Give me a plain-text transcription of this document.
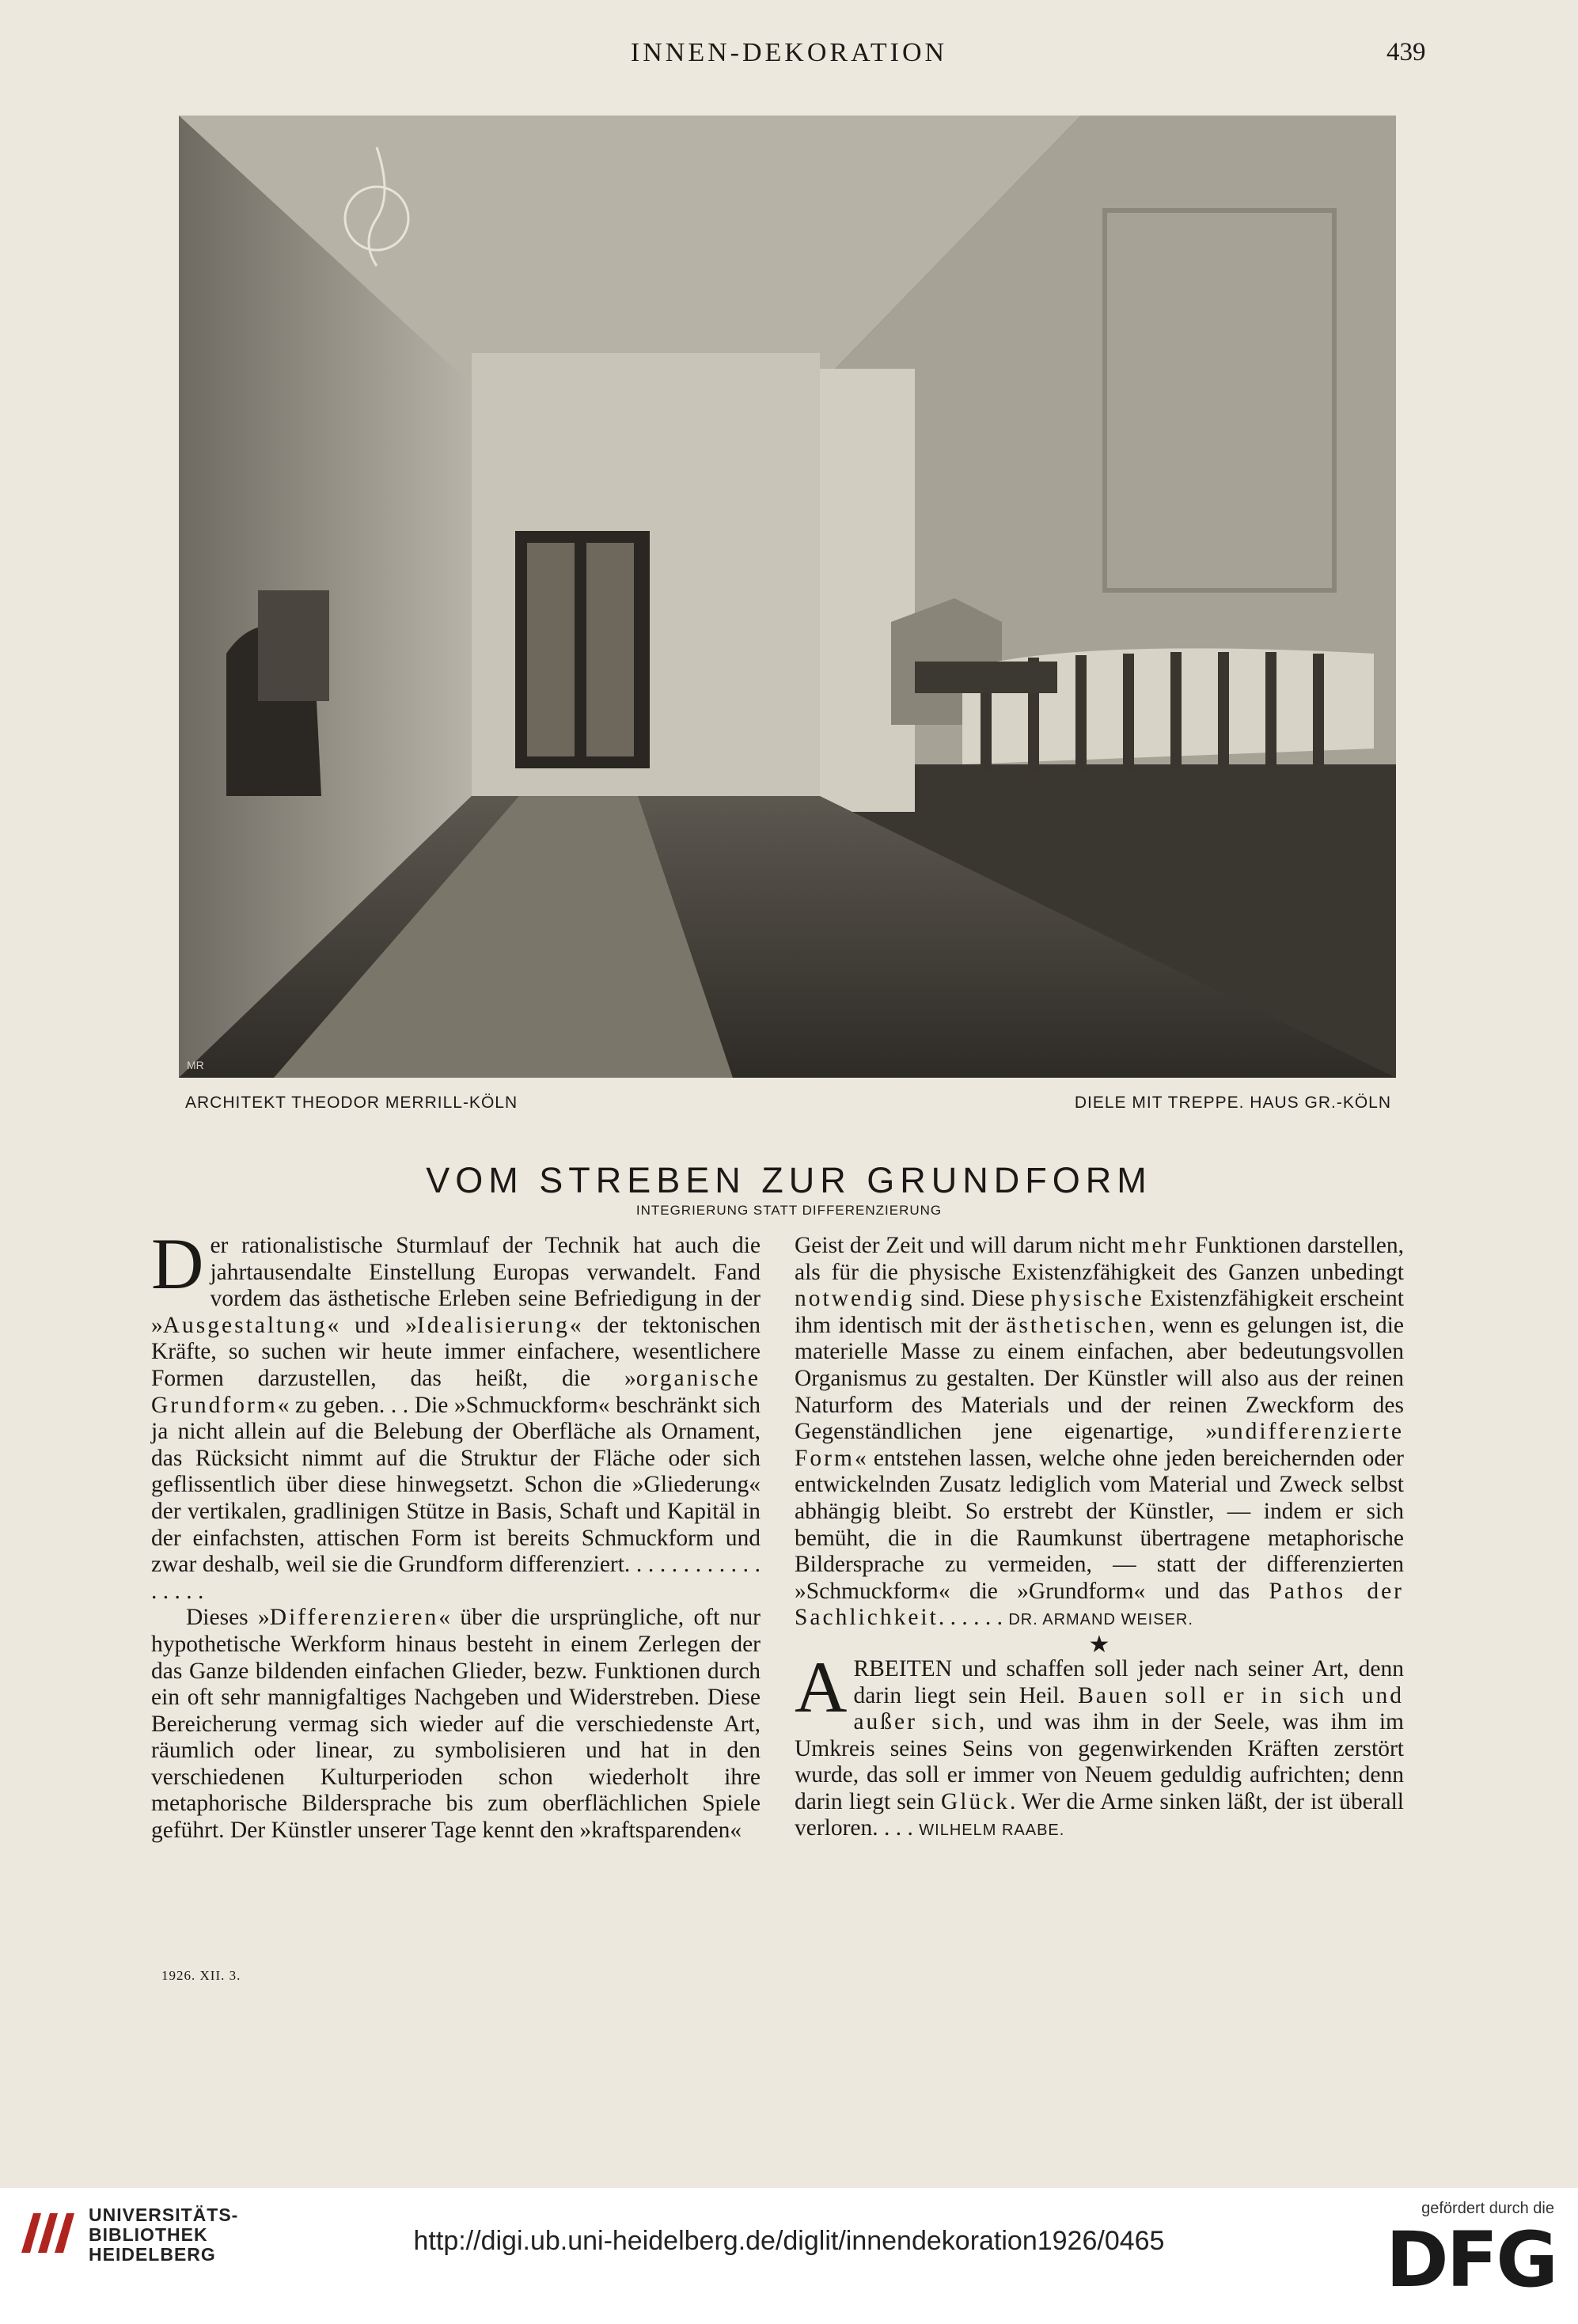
INNEN-DEKORATION	439
MR
ARCHITEKT THEODOR MERRILL-KÖLN	DIELE MIT TREPPE. HAUS GR.-KÖLN
VOM STREBEN ZUR GRUNDFORM
INTEGRIERUNG STATT DIFFERENZIERUNG

Der rationalistische Sturmlauf der Technik hat auch die jahrtausendalte Einstellung Europas verwandelt. Fand vordem das ästhetische Erleben seine Befriedigung in der »Ausgestaltung« und »Idealisierung« der tektonischen Kräfte, so suchen wir heute immer einfachere, wesentlichere Formen darzustellen, das heißt, die »organische Grundform« zu geben. . . Die »Schmuckform« beschränkt sich ja nicht allein auf die Belebung der Oberfläche als Ornament, das Rücksicht nimmt auf die Struktur der Fläche oder sich geflissentlich über diese hinwegsetzt. Schon die »Gliederung« der vertikalen, gradlinigen Stütze in Basis, Schaft und Kapitäl in der einfachsten, attischen Form ist bereits Schmuckform und zwar deshalb, weil sie die Grundform differenziert. . . . . . . . . . . . . . . . .

Dieses »Differenzieren« über die ursprüngliche, oft nur hypothetische Werkform hinaus besteht in einem Zerlegen der das Ganze bildenden einfachen Glieder, bezw. Funktionen durch ein oft sehr mannigfaltiges Nachgeben und Widerstreben. Diese Bereicherung vermag sich wieder auf die verschiedenste Art, räumlich oder linear, zu symbolisieren und hat in den verschiedenen Kulturperioden schon wiederholt ihre metaphorische Bildersprache bis zum oberflächlichen Spiele geführt. Der Künstler unserer Tage kennt den »kraftsparenden«

Geist der Zeit und will darum nicht mehr Funktionen darstellen, als für die physische Existenzfähigkeit des Ganzen unbedingt notwendig sind. Diese physische Existenzfähigkeit erscheint ihm identisch mit der ästhetischen, wenn es gelungen ist, die materielle Masse zu einem einfachen, aber bedeutungsvollen Organismus zu gestalten. Der Künstler will also aus der reinen Naturform des Materials und der reinen Zweckform des Gegenständlichen jene eigenartige, »undifferenzierte Form« entstehen lassen, welche ohne jeden bereichernden oder entwickelnden Zusatz lediglich vom Material und Zweck selbst abhängig bleibt. So erstrebt der Künstler, — indem er sich bemüht, die in die Raumkunst übertragene metaphorische Bildersprache zu vermeiden, — statt der differenzierten »Schmuckform« die »Grundform« und das Pathos der Sachlichkeit. . . . . . DR. ARMAND WEISER.

★

ARBEITEN und schaffen soll jeder nach seiner Art, denn darin liegt sein Heil. Bauen soll er in sich und außer sich, und was ihm in der Seele, was ihm im Umkreis seines Seins von gegenwirkenden Kräften zerstört wurde, das soll er immer von Neuem geduldig aufrichten; denn darin liegt sein Glück. Wer die Arme sinken läßt, der ist überall verloren. . . . WILHELM RAABE.

1926. XII. 3.
UNIVERSITÄTS-
BIBLIOTHEK
HEIDELBERG	http://digi.ub.uni-heidelberg.de/diglit/innendekoration1926/0465
gefördert durch die
DFG
